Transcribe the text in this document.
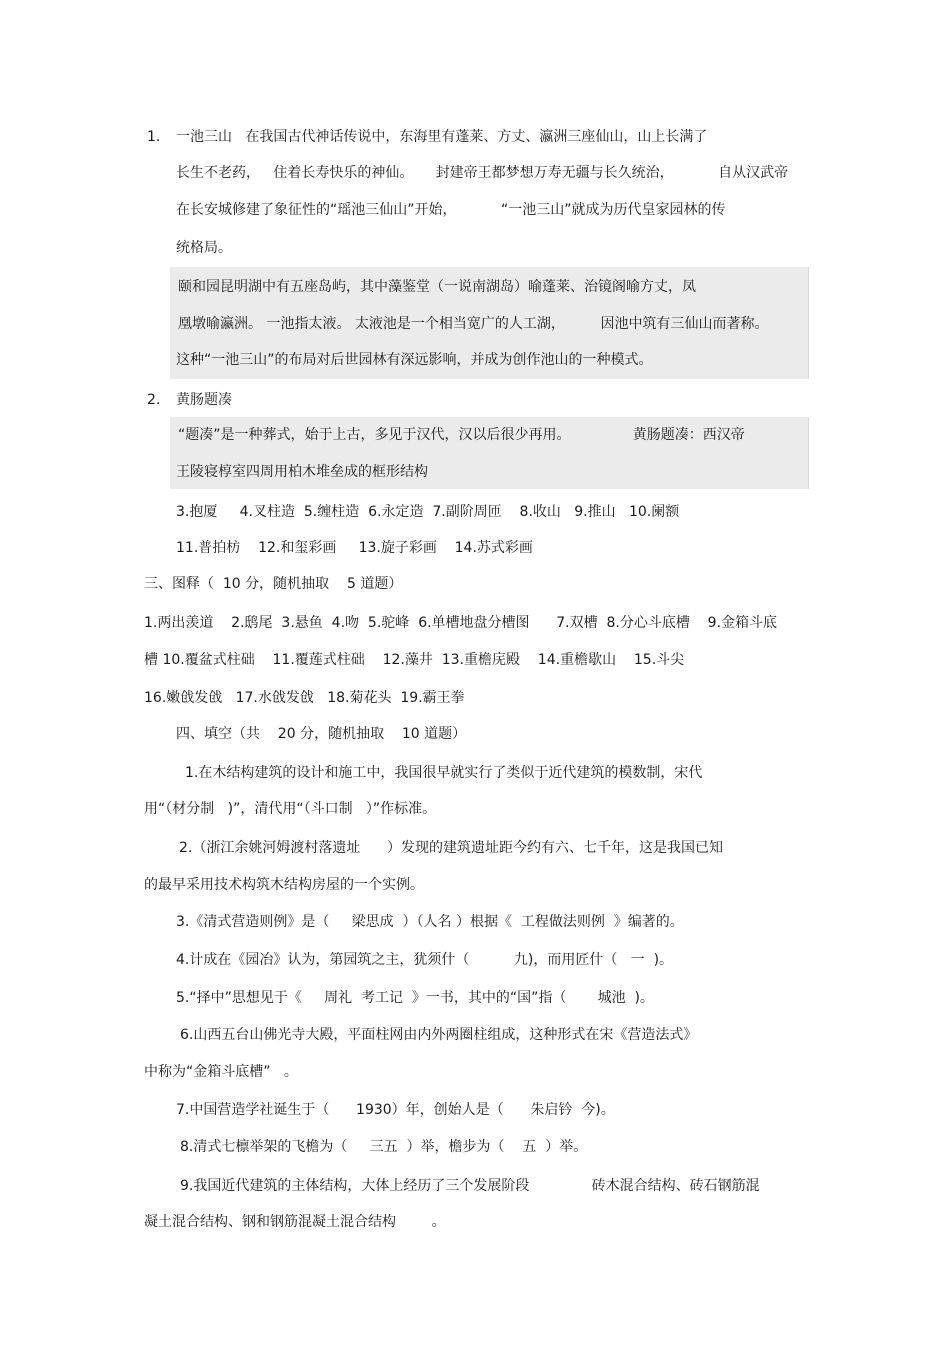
1. 一池三山   在我国古代神话传说中，东海里有蓬莱、方丈、瀛洲三座仙山，山上长满了
长生不老药，   住着长寿快乐的神仙。     封建帝王都梦想万寿无疆与长久统治，          自从汉武帝
在长安城修建了象征性的“瑶池三仙山”开始，          “一池三山”就成为历代皇家园林的传
统格局。
颐和园昆明湖中有五座岛屿，其中藻鉴堂（一说南湖岛）喻蓬莱、治镜阁喻方丈，凤
凰墩喻瀛洲。 一池指太液。 太液池是一个相当宽广的人工湖，        因池中筑有三仙山而著称。
这种“一池三山”的布局对后世园林有深远影响，并成为创作池山的一种模式。
2. 黄肠题凑
“题凑”是一种葬式，始于上古，多见于汉代，汉以后很少再用。              黄肠题凑：西汉帝
王陵寝椁室四周用柏木堆垒成的框形结构
3.抱厦     4.叉柱造  5.缠柱造  6.永定造  7.副阶周匝    8.收山   9.推山   10.阑额
11.普拍枋    12.和玺彩画     13.旋子彩画    14.苏式彩画
三、图释（  10 分，随机抽取    5 道题）
1.两出羡道    2.鸱尾  3.悬鱼  4.吻  5.驼峰  6.单槽地盘分槽图      7.双槽  8.分心斗底槽    9.金箱斗底
槽 10.覆盆式柱础    11.覆莲式柱础    12.藻井  13.重檐庑殿    14.重檐歇山    15.斗尖
16.嫩戗发戗   17.水戗发戗   18.菊花头  19.霸王拳
四、填空（共    20 分，随机抽取    10 道题）
1.在木结构建筑的设计和施工中，我国很早就实行了类似于近代建筑的模数制，宋代
用“（材分制   )”，清代用“（斗口制   ）”作标准。
2.（浙江余姚河姆渡村落遗址      ）发现的建筑遗址距今约有六、七千年，这是我国已知
的最早采用技术构筑木结构房屋的一个实例。
3.《清式营造则例》是（     梁思成  ）（人名 ）根据《  工程做法则例  》编著的。
4.计成在《园冶》认为，第园筑之主，犹须什（          九)，而用匠什（   一  )。
5.“择中”思想见于《     周礼  考工记  》一书，其中的“国”指（       城池  )。
6.山西五台山佛光寺大殿，平面柱网由内外两圈柱组成，这种形式在宋《营造法式》
中称为“金箱斗底槽”   。
7.中国营造学社诞生于（      1930）年，创始人是（      朱启钤  今)。
8.清式七檩举架的飞檐为（     三五  ）举，檐步为（    五  ）举。
9.我国近代建筑的主体结构，大体上经历了三个发展阶段              砖木混合结构、砖石钢筋混
凝土混合结构、钢和钢筋混凝土混合结构        。
